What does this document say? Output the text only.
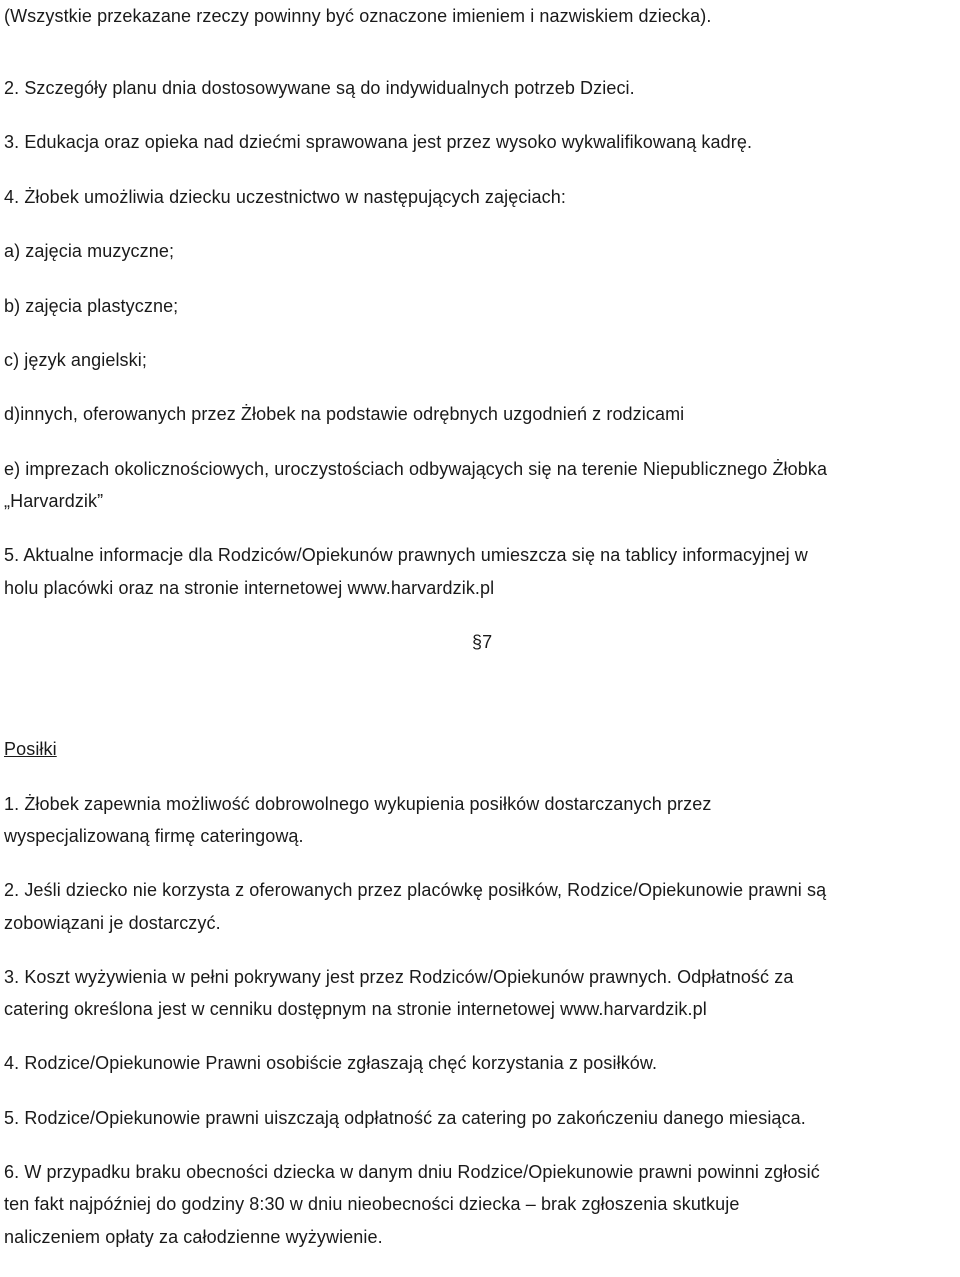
(Wszystkie przekazane rzeczy powinny być oznaczone imieniem i nazwiskiem dziecka).
2. Szczegóły planu dnia dostosowywane są do indywidualnych potrzeb Dzieci.
3. Edukacja oraz opieka nad dziećmi sprawowana jest przez wysoko wykwalifikowaną kadrę.
4. Żłobek umożliwia dziecku uczestnictwo w następujących zajęciach:
a) zajęcia muzyczne;
b) zajęcia plastyczne;
c) język angielski;
d)innych, oferowanych przez Żłobek na podstawie odrębnych uzgodnień z rodzicami
e) imprezach okolicznościowych, uroczystościach odbywających się na terenie Niepublicznego Żłobka
„Harvardzik”
5. Aktualne informacje dla Rodziców/Opiekunów prawnych umieszcza się na tablicy informacyjnej w
holu placówki oraz na stronie internetowej www.harvardzik.pl
§7
Posiłki
1. Żłobek zapewnia możliwość dobrowolnego wykupienia posiłków dostarczanych przez
wyspecjalizowaną firmę cateringową.
2. Jeśli dziecko nie korzysta z oferowanych przez placówkę posiłków, Rodzice/Opiekunowie prawni są
zobowiązani je dostarczyć.
3. Koszt wyżywienia w pełni pokrywany jest przez Rodziców/Opiekunów prawnych. Odpłatność za
catering określona jest w cenniku dostępnym na stronie internetowej www.harvardzik.pl
4. Rodzice/Opiekunowie Prawni osobiście zgłaszają chęć korzystania z posiłków.
5. Rodzice/Opiekunowie prawni uiszczają odpłatność za catering po zakończeniu danego miesiąca.
6. W przypadku braku obecności dziecka w danym dniu Rodzice/Opiekunowie prawni powinni zgłosić
ten fakt najpóźniej do godziny 8:30 w dniu nieobecności dziecka – brak zgłoszenia skutkuje
naliczeniem opłaty za całodzienne wyżywienie.
